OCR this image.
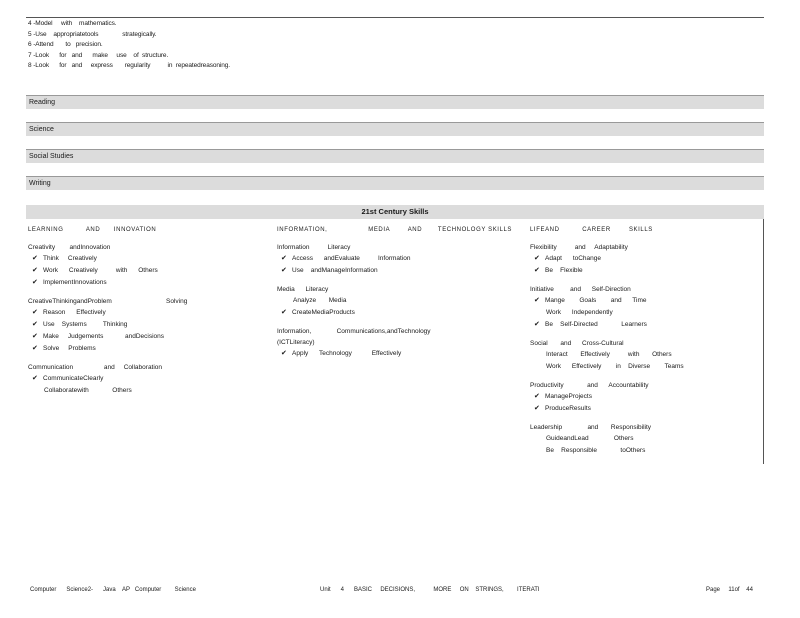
4 -Model     with    mathematics.
5 -Use    appropriatetools              strategically.
6 -Attend       to   precision.
7 -Look      for   and      make     use    of  structure.
8 -Look      for   and     express       regularity          in  repeatedreasoning.
Reading
Science
Social Studies
Writing
21st Century Skills
LEARNING          AND      INNOVATION
Creativity        andInnovation
✔ Think     Creatively
✔ Work      Creatively          with      Others
✔ ImplementInnovations
CreativeThinkingandProblem                              Solving
✔ Reason      Effectively
✔ Use    Systems         Thinking
✔ Make     Judgements            andDecisions
✔ Solve     Problems
Communication                 and     Collaboration
✔ CommunicateClearly
Collaboratewith             Others
INFORMATION,                  MEDIA        AND       TECHNOLOGY SKILLS
Information          Literacy
✔ Access      andEvaluate          Information
✔ Use    andManageInformation
Media      Literacy
Analyze       Media
✔ CreateMediaProducts
Information,              Communications,andTechnology
(ICTLiteracy)
✔ Apply      Technology           Effectively
LIFEAND          CAREER        SKILLS
Flexibility          and     Adaptability
✔ Adapt      toChange
✔ Be    Flexible
Initiative         and      Self-Direction
✔ Mange        Goals        and      Time
Work      Independently
✔ Be    Self-Directed             Learners
Social       and      Cross-Cultural
Interact       Effectively          with       Others
Work      Effectively        in    Diverse        Teams
Productivity             and      Accountability
✔ ManageProjects
✔ ProduceResults
Leadership              and       Responsibility
GuideandLead              Others
Be    Responsible             toOthers
Computer      Science2-      Java    AP   Computer        Science	Unit      4      BASIC     DECISIONS,           MORE     ON    STRINGS,        ITERATI	Page     11of    44
